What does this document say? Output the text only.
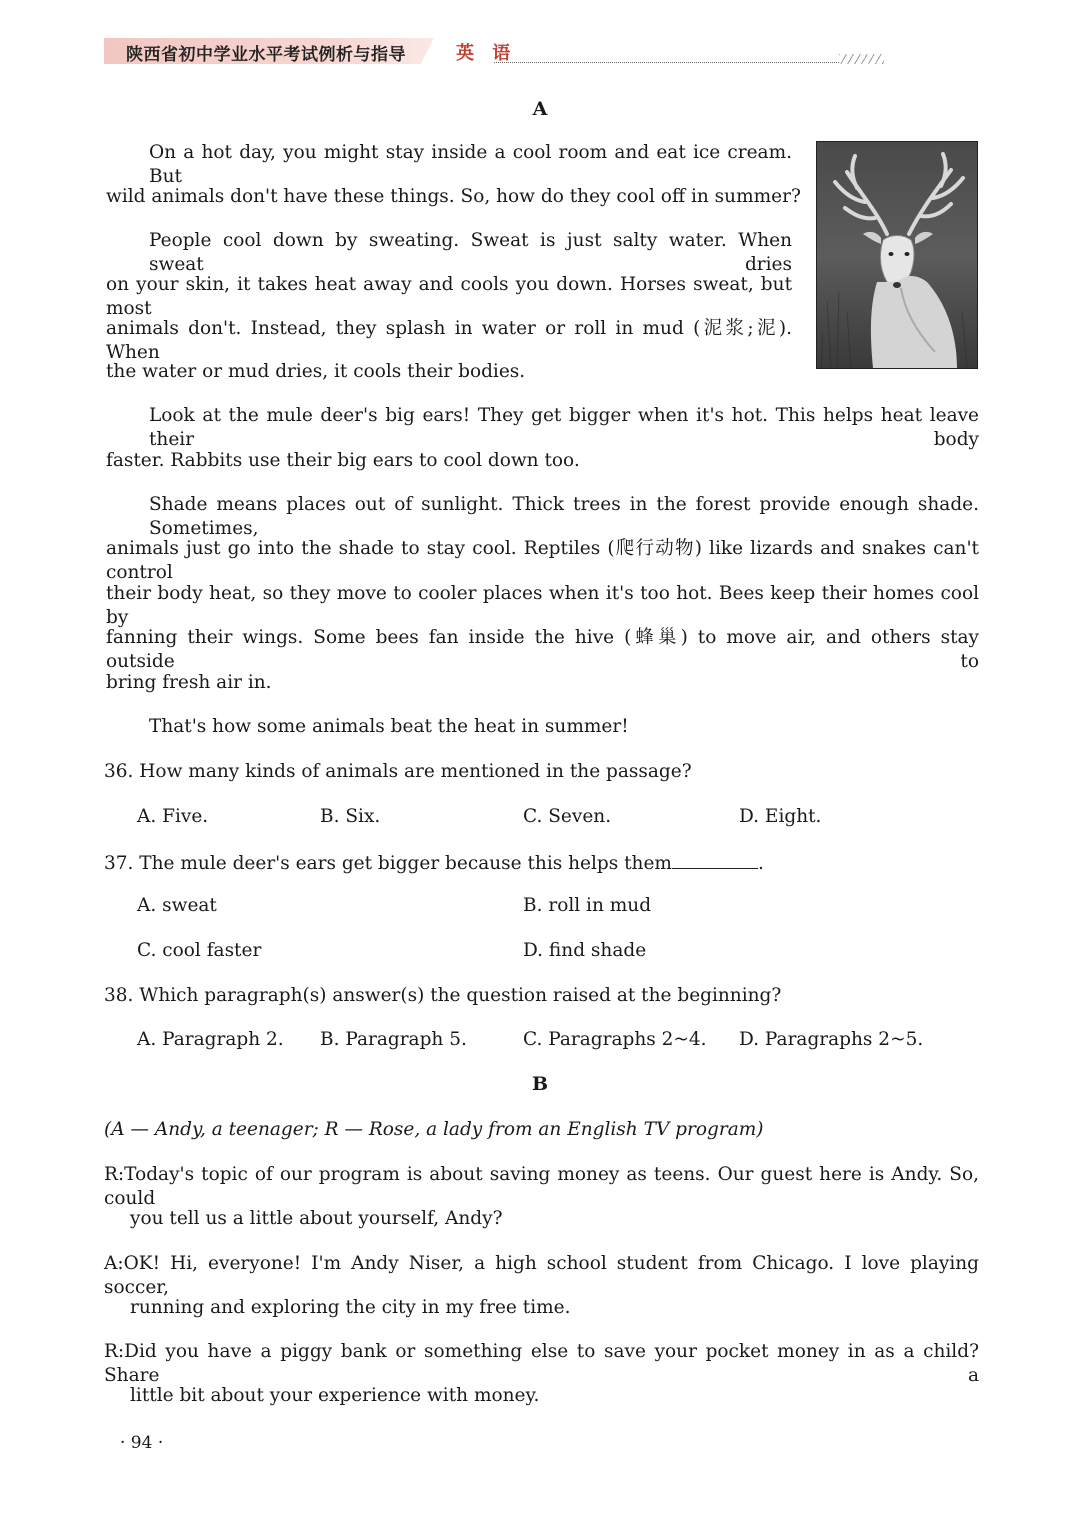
陕西省初中学业水平考试例析与指导	英 语
A
On a hot day, you might stay inside a cool room and eat ice cream. But
wild animals don't have these things. So, how do they cool off in summer?
People cool down by sweating. Sweat is just salty water. When sweat dries
on your skin, it takes heat away and cools you down. Horses sweat, but most
animals don't. Instead, they splash in water or roll in mud (泥浆;泥). When
the water or mud dries, it cools their bodies.
Look at the mule deer's big ears! They get bigger when it's hot. This helps heat leave their body
faster. Rabbits use their big ears to cool down too.
Shade means places out of sunlight. Thick trees in the forest provide enough shade. Sometimes,
animals just go into the shade to stay cool. Reptiles (爬行动物) like lizards and snakes can't control
their body heat, so they move to cooler places when it's too hot. Bees keep their homes cool by
fanning their wings. Some bees fan inside the hive (蜂巢) to move air, and others stay outside to
bring fresh air in.
That's how some animals beat the heat in summer!
36. How many kinds of animals are mentioned in the passage?
A. Five.	B. Six.	C. Seven.	D. Eight.
37. The mule deer's ears get bigger because this helps them	.
A. sweat	B. roll in mud
C. cool faster	D. find shade
38. Which paragraph(s) answer(s) the question raised at the beginning?
A. Paragraph 2. B. Paragraph 5.	C. Paragraphs 2~4. D. Paragraphs 2~5.
B
(A — Andy, a teenager; R — Rose, a lady from an English TV program)
R:Today's topic of our program is about saving money as teens. Our guest here is Andy. So, could
you tell us a little about yourself, Andy?
A:OK! Hi, everyone! I'm Andy Niser, a high school student from Chicago. I love playing soccer,
running and exploring the city in my free time.
R:Did you have a piggy bank or something else to save your pocket money in as a child? Share a
little bit about your experience with money.
· 94 ·
